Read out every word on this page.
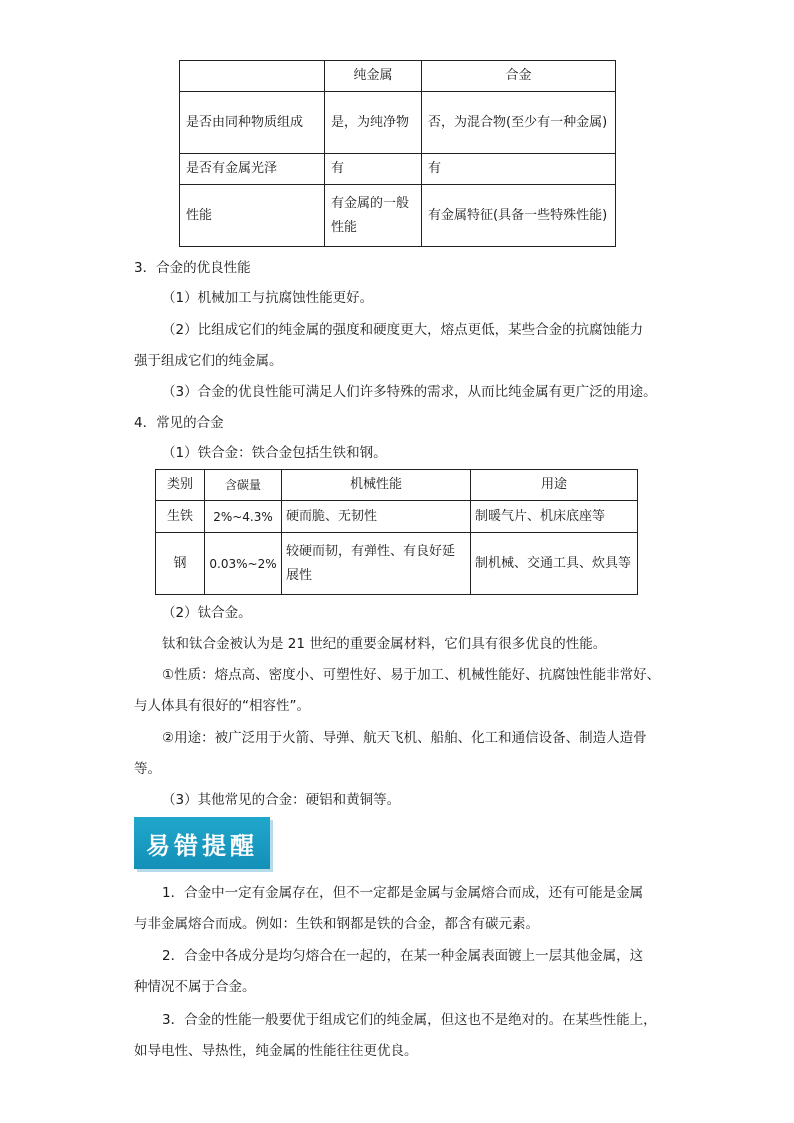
	纯金属	合金
是否由同种物质组成	是，为纯净物	否，为混合物(至少有一种金属)
是否有金属光泽	有	有
性能	有金属的一般性能	有金属特征(具备一些特殊性能)
3．合金的优良性能
（1）机械加工与抗腐蚀性能更好。
（2）比组成它们的纯金属的强度和硬度更大，熔点更低，某些合金的抗腐蚀能力
强于组成它们的纯金属。
（3）合金的优良性能可满足人们许多特殊的需求，从而比纯金属有更广泛的用途。
4．常见的合金
（1）铁合金：铁合金包括生铁和钢。
类别	含碳量	机械性能	用途
生铁	2%~4.3%	硬而脆、无韧性	制暖气片、机床底座等
钢	0.03%~2%	较硬而韧，有弹性、有良好延展性	制机械、交通工具、炊具等
（2）钛合金。
钛和钛合金被认为是 21 世纪的重要金属材料，它们具有很多优良的性能。
①性质：熔点高、密度小、可塑性好、易于加工、机械性能好、抗腐蚀性能非常好、
与人体具有很好的“相容性”。
②用途：被广泛用于火箭、导弹、航天飞机、船舶、化工和通信设备、制造人造骨
等。
（3）其他常见的合金：硬铝和黄铜等。
易错提醒
1．合金中一定有金属存在，但不一定都是金属与金属熔合而成，还有可能是金属
与非金属熔合而成。例如：生铁和钢都是铁的合金，都含有碳元素。
2．合金中各成分是均匀熔合在一起的，在某一种金属表面镀上一层其他金属，这
种情况不属于合金。
3．合金的性能一般要优于组成它们的纯金属，但这也不是绝对的。在某些性能上，
如导电性、导热性，纯金属的性能往往更优良。
